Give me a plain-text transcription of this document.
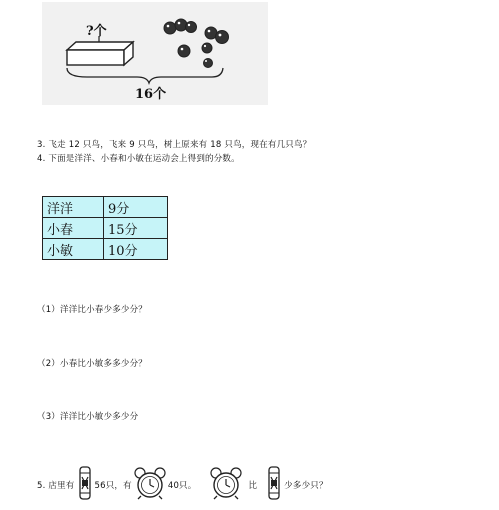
?个
16个
3. 飞走 12 只鸟，飞来 9 只鸟，树上原来有 18 只鸟，现在有几只鸟？
4. 下面是洋洋、小春和小敏在运动会上得到的分数。
洋洋	9分
小春	15分
小敏	10分
（1）洋洋比小春少多少分？
（2）小春比小敏多多少分？
（3）洋洋比小敏少多少分
5. 店里有 56只，有	40只。	比	少多少只？
